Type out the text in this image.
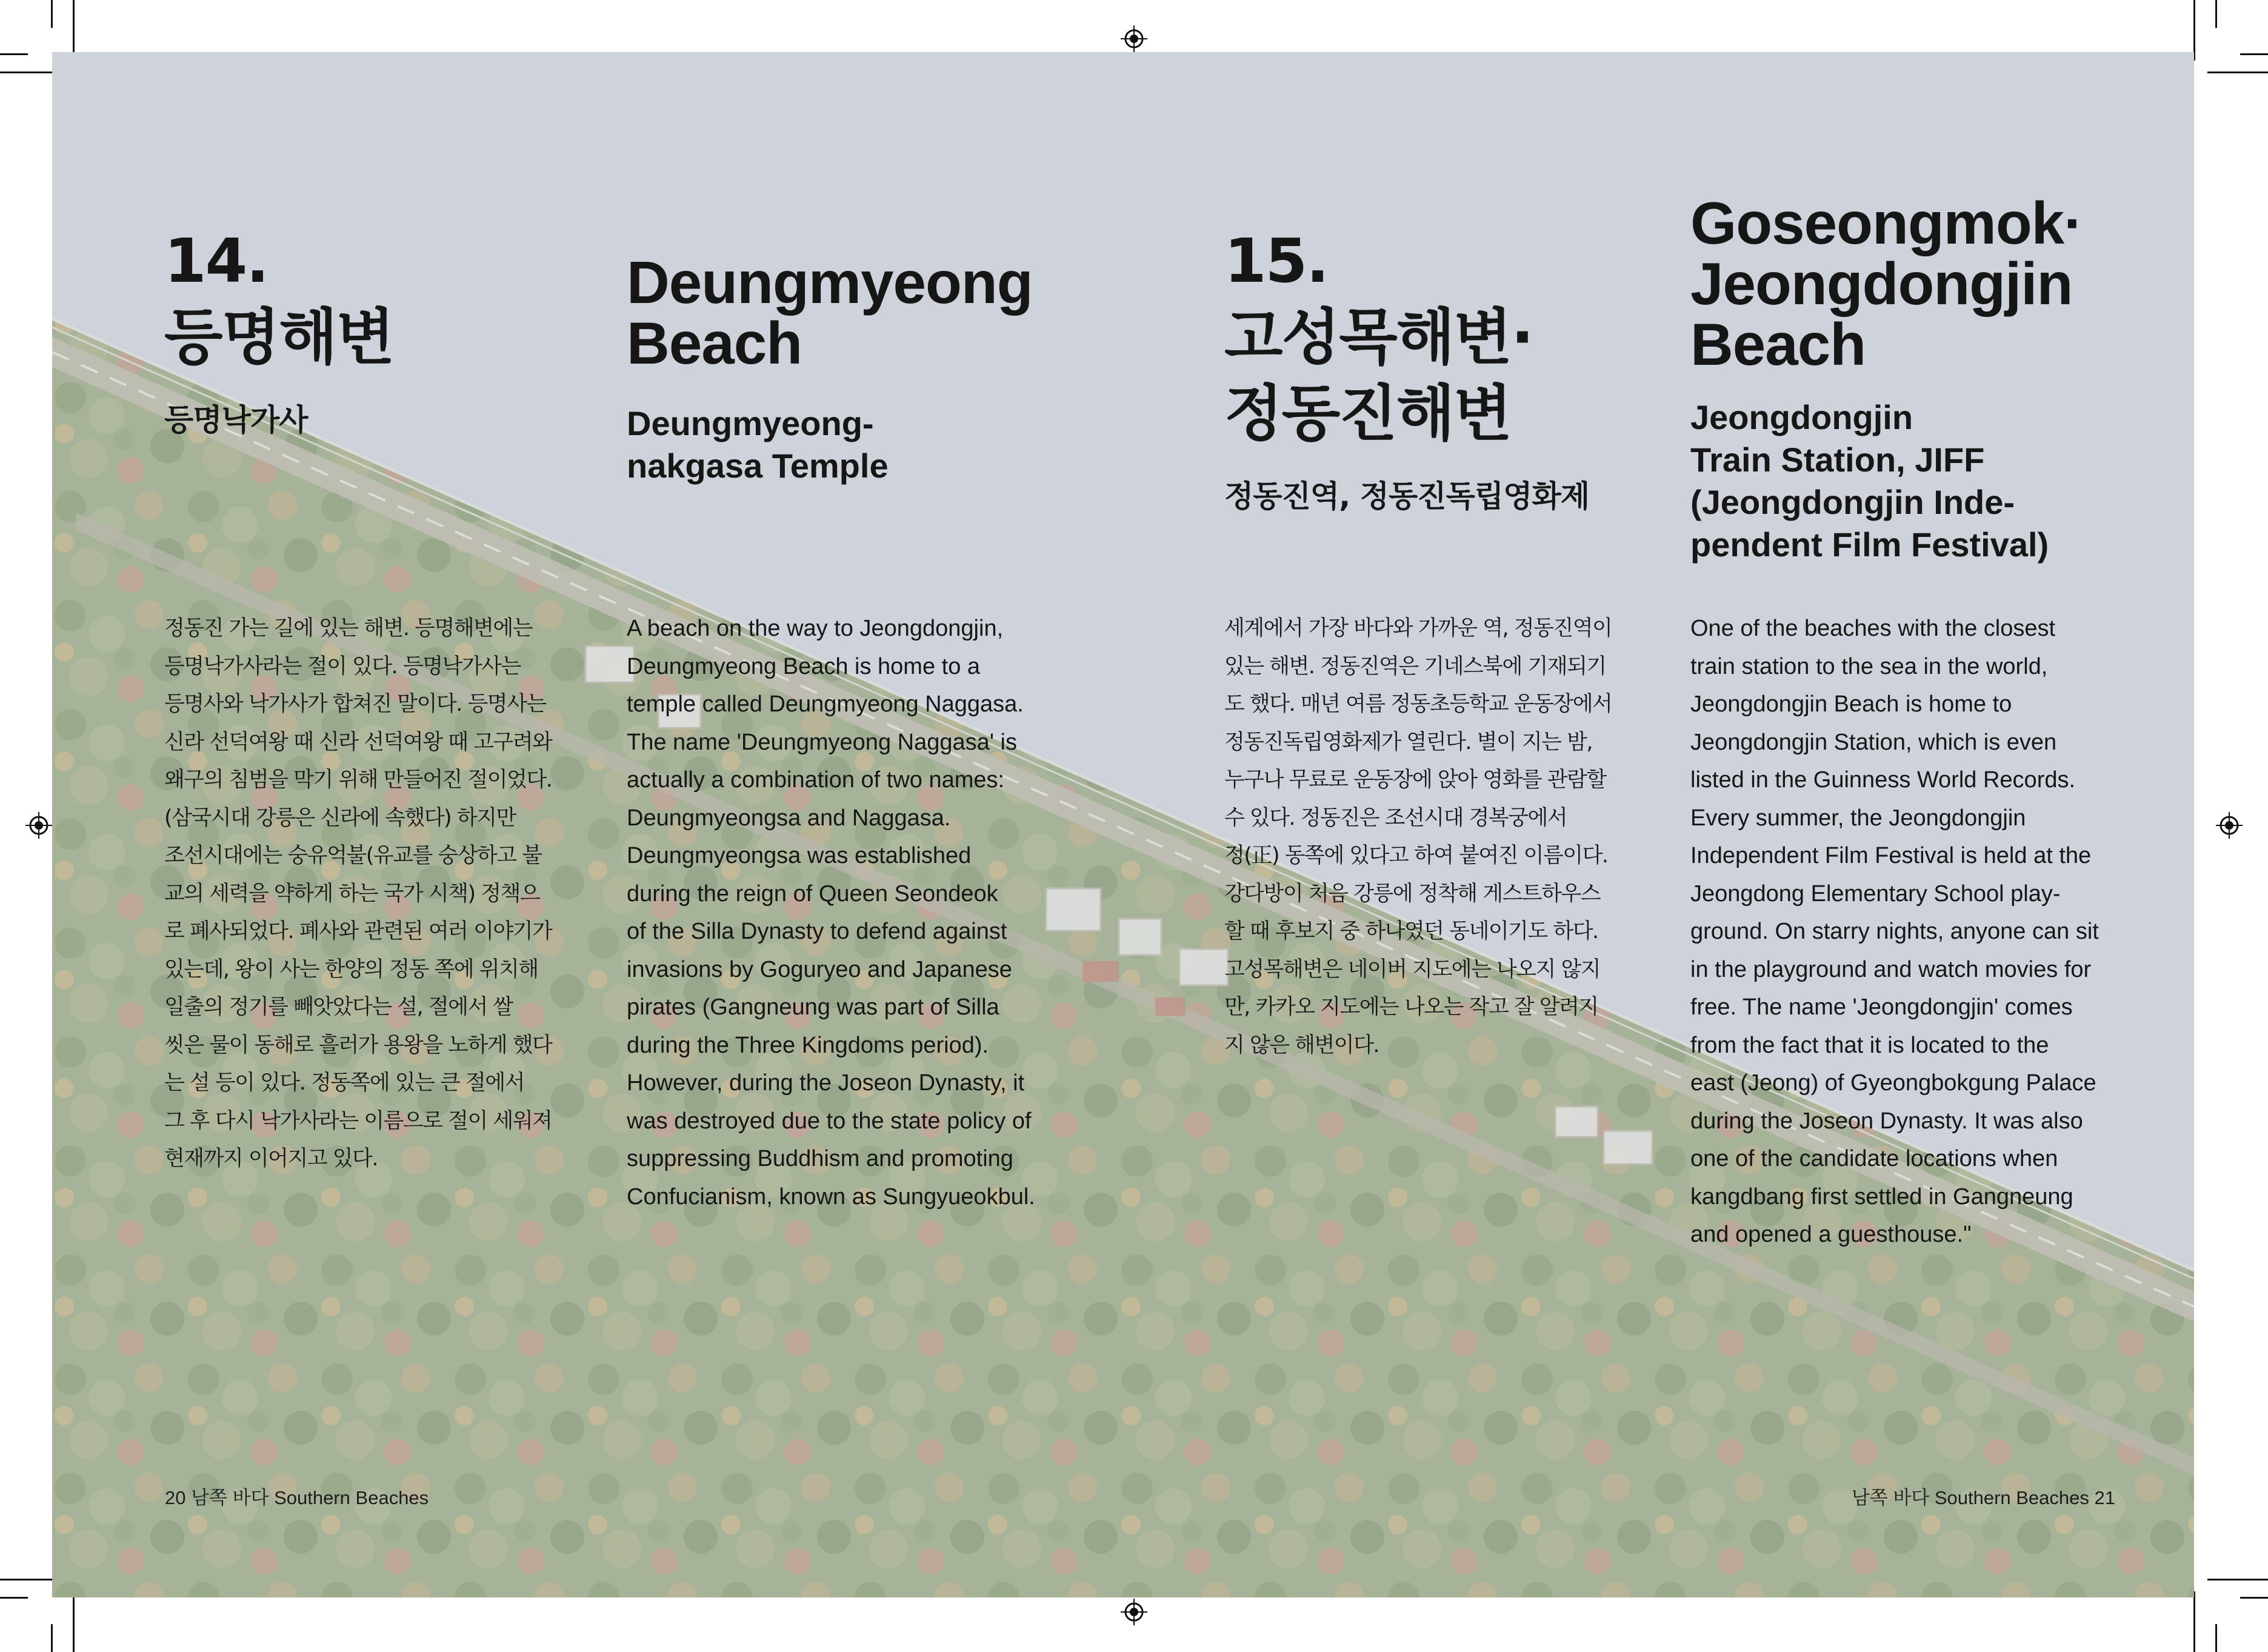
14.
등명해변
등명낙가사
정동진 가는 길에 있는 해변. 등명해변에는
등명낙가사라는 절이 있다. 등명낙가사는
등명사와 낙가사가 합쳐진 말이다. 등명사는
신라 선덕여왕 때 신라 선덕여왕 때 고구려와
왜구의 침범을 막기 위해 만들어진 절이었다.
(삼국시대 강릉은 신라에 속했다) 하지만
조선시대에는 숭유억불(유교를 숭상하고 불
교의 세력을 약하게 하는 국가 시책) 정책으
로 폐사되었다. 폐사와 관련된 여러 이야기가
있는데, 왕이 사는 한양의 정동 쪽에 위치해
일출의 정기를 빼앗았다는 설, 절에서 쌀
씻은 물이 동해로 흘러가 용왕을 노하게 했다
는 설 등이 있다. 정동쪽에 있는 큰 절에서
그 후 다시 낙가사라는 이름으로 절이 세워져
현재까지 이어지고 있다.
Deungmyeong
Beach
Deungmyeong-
nakgasa Temple
A beach on the way to Jeongdongjin,
Deungmyeong Beach is home to a
temple called Deungmyeong Naggasa.
The name 'Deungmyeong Naggasa' is
actually a combination of two names:
Deungmyeongsa and Naggasa.
Deungmyeongsa was established
during the reign of Queen Seondeok
of the Silla Dynasty to defend against
invasions by Goguryeo and Japanese
pirates (Gangneung was part of Silla
during the Three Kingdoms period).
However, during the Joseon Dynasty, it
was destroyed due to the state policy of
suppressing Buddhism and promoting
Confucianism, known as Sungyueokbul.
15.
고성목해변·
정동진해변
정동진역, 정동진독립영화제
세계에서 가장 바다와 가까운 역, 정동진역이
있는 해변. 정동진역은 기네스북에 기재되기
도 했다. 매년 여름 정동초등학교 운동장에서
정동진독립영화제가 열린다. 별이 지는 밤,
누구나 무료로 운동장에 앉아 영화를 관람할
수 있다. 정동진은 조선시대 경복궁에서
정(正) 동쪽에 있다고 하여 붙여진 이름이다.
강다방이 처음 강릉에 정착해 게스트하우스
할 때 후보지 중 하나였던 동네이기도 하다.
고성목해변은 네이버 지도에는 나오지 않지
만, 카카오 지도에는 나오는 작고 잘 알려지
지 않은 해변이다.
Goseongmok·
Jeongdongjin
Beach
Jeongdongjin
Train Station, JIFF
(Jeongdongjin Inde-
pendent Film Festival)
One of the beaches with the closest
train station to the sea in the world,
Jeongdongjin Beach is home to
Jeongdongjin Station, which is even
listed in the Guinness World Records.
Every summer, the Jeongdongjin
Independent Film Festival is held at the
Jeongdong Elementary School play-
ground. On starry nights, anyone can sit
in the playground and watch movies for
free. The name 'Jeongdongjin' comes
from the fact that it is located to the
east (Jeong) of Gyeongbokgung Palace
during the Joseon Dynasty. It was also
one of the candidate locations when
kangdbang first settled in Gangneung
and opened a guesthouse."
20 남쪽 바다 Southern Beaches	남쪽 바다 Southern Beaches 21
